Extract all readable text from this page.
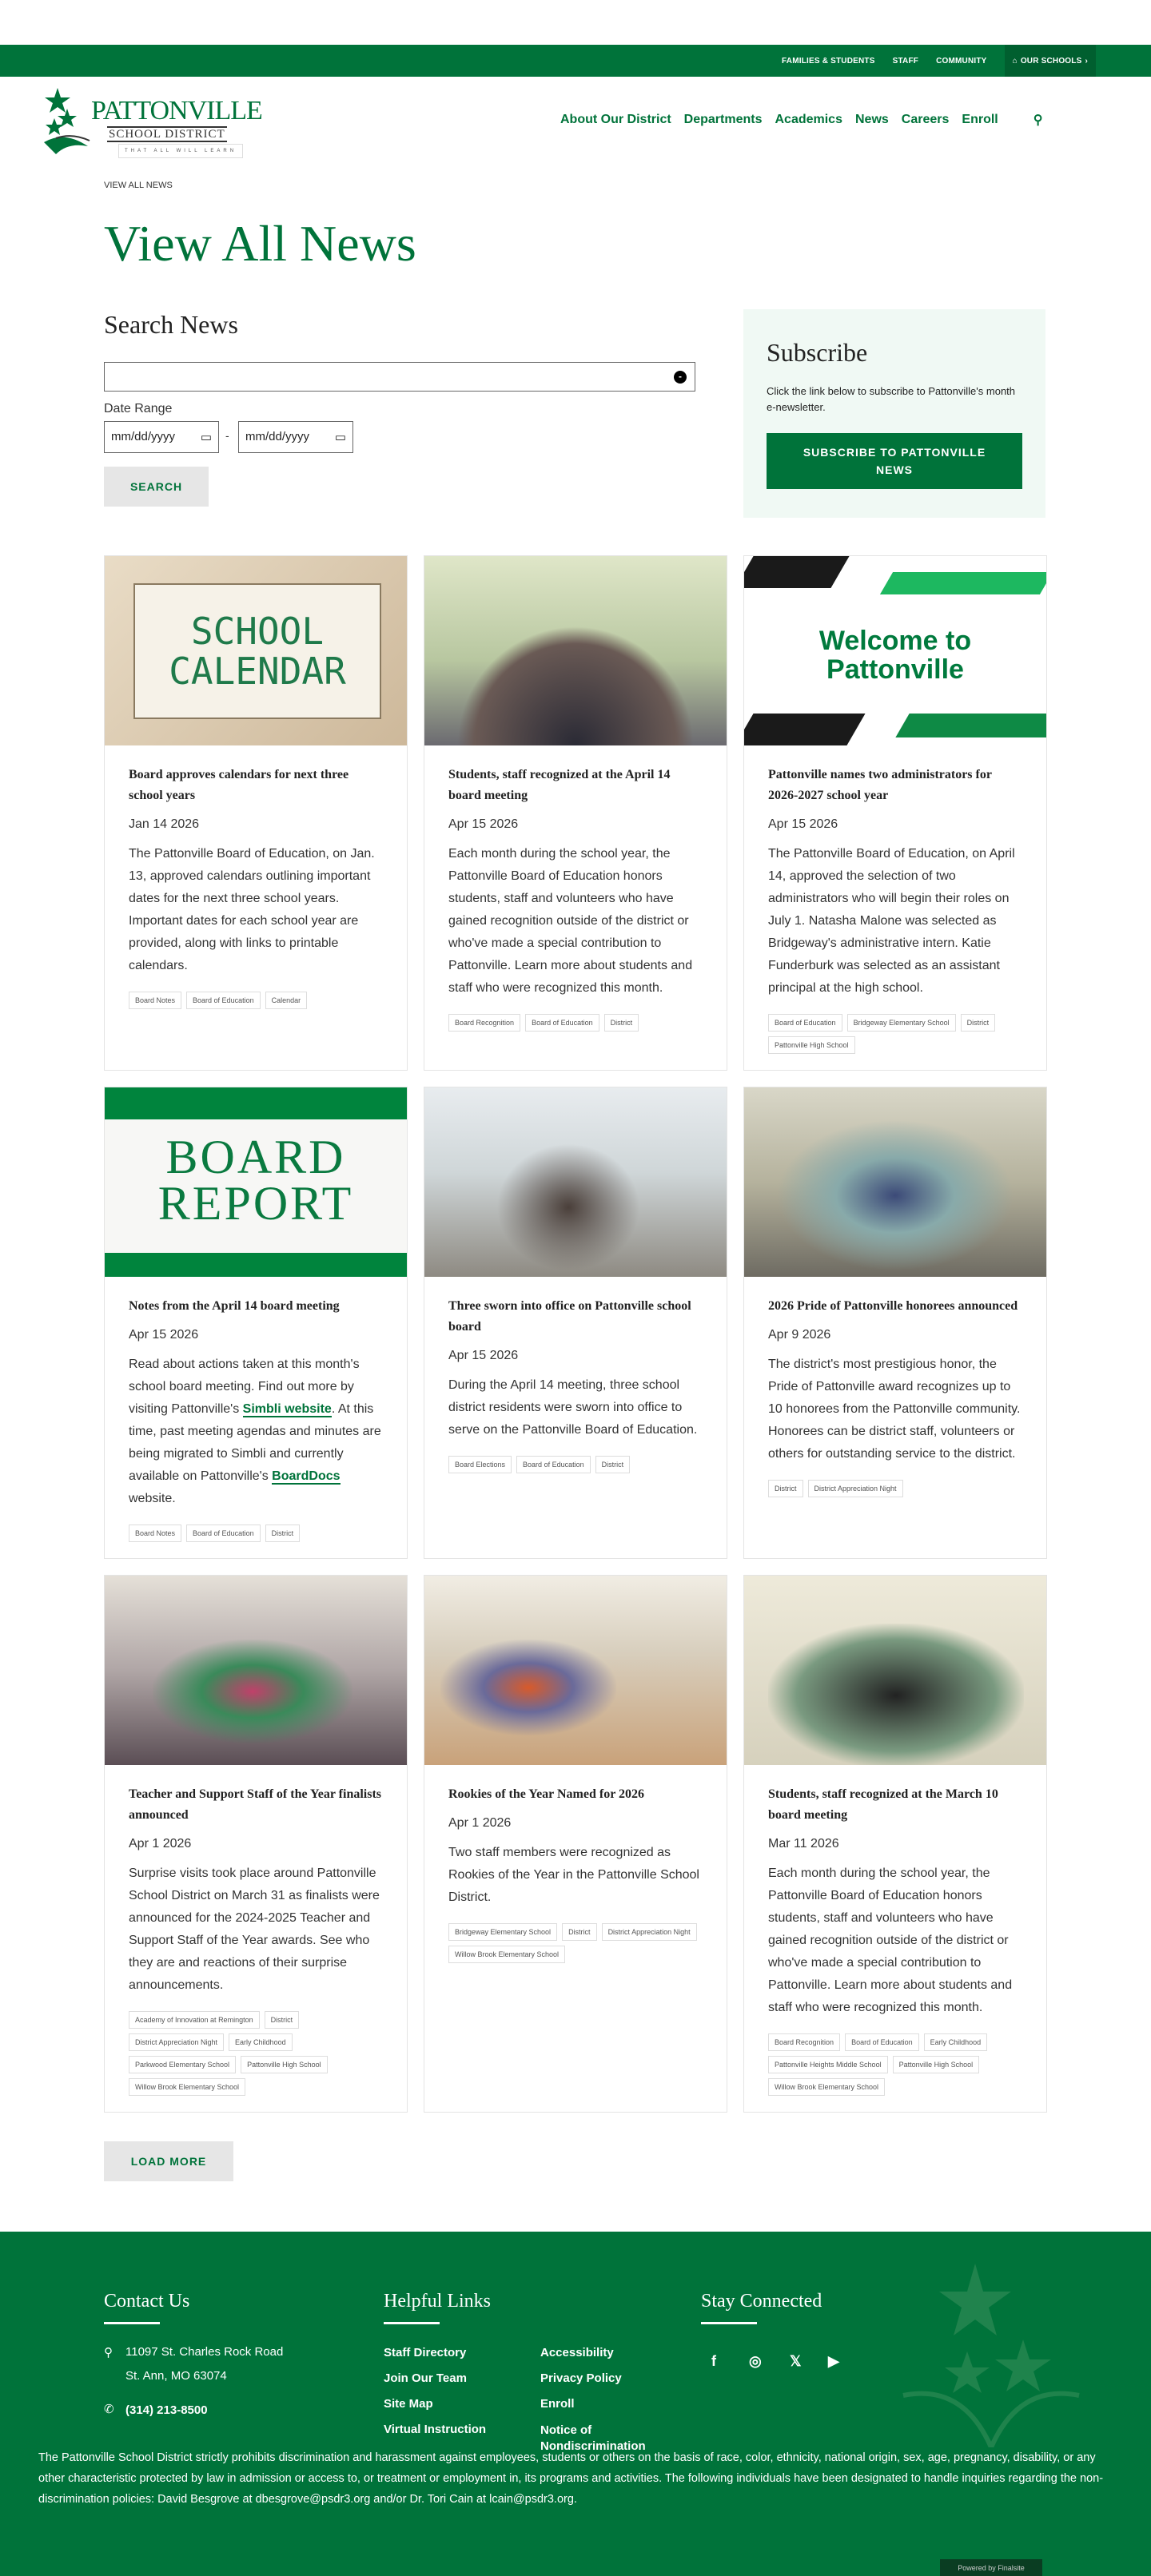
FAMILIES & STUDENTS STAFF COMMUNITY	⌂ OUR SCHOOLS ›
PATTONVILLE
SCHOOL DISTRICT
THAT ALL WILL LEARN
About Our District Departments Academics News Careers Enroll	⚲
VIEW ALL NEWS
View All News
Search News
-
Date Range
mm/dd/yyyy ▭ - mm/dd/yyyy ▭
SEARCH
Subscribe

Click the link below to subscribe to Pattonville's month e-newsletter.

SUBSCRIBE TO PATTONVILLE NEWS
SCHOOL CALENDAR
Board approves calendars for next three school years
Jan 14 2026
The Pattonville Board of Education, on Jan. 13, approved calendars outlining important dates for the next three school years. Important dates for each school year are provided, along with links to printable calendars.
Board Notes	Board of Education	Calendar
Students, staff recognized at the April 14 board meeting
Apr 15 2026
Each month during the school year, the Pattonville Board of Education honors students, staff and volunteers who have gained recognition outside of the district or who've made a special contribution to Pattonville. Learn more about students and staff who were recognized this month.
Board Recognition	Board of Education	District
Welcome to Pattonville
Pattonville names two administrators for 2026-2027 school year
Apr 15 2026
The Pattonville Board of Education, on April 14, approved the selection of two administrators who will begin their roles on July 1. Natasha Malone was selected as Bridgeway's administrative intern. Katie Funderburk was selected as an assistant principal at the high school.
Board of Education	Bridgeway Elementary School	District
Pattonville High School
BOARD REPORT
Notes from the April 14 board meeting
Apr 15 2026
Read about actions taken at this month's school board meeting. Find out more by visiting Pattonville's Simbli website. At this time, past meeting agendas and minutes are being migrated to Simbli and currently available on Pattonville's BoardDocs website.
Board Notes	Board of Education	District
Three sworn into office on Pattonville school board
Apr 15 2026
During the April 14 meeting, three school district residents were sworn into office to serve on the Pattonville Board of Education.
Board Elections	Board of Education	District
2026 Pride of Pattonville honorees announced
Apr 9 2026
The district's most prestigious honor, the Pride of Pattonville award recognizes up to 10 honorees from the Pattonville community. Honorees can be district staff, volunteers or others for outstanding service to the district.
District	District Appreciation Night
Teacher and Support Staff of the Year finalists announced
Apr 1 2026
Surprise visits took place around Pattonville School District on March 31 as finalists were announced for the 2024-2025 Teacher and Support Staff of the Year awards. See who they are and reactions of their surprise announcements.
Academy of Innovation at Remington	District
District Appreciation Night	Early Childhood
Parkwood Elementary School	Pattonville High School
Willow Brook Elementary School
Rookies of the Year Named for 2026
Apr 1 2026
Two staff members were recognized as Rookies of the Year in the Pattonville School District.
Bridgeway Elementary School	District	District Appreciation Night
Willow Brook Elementary School
Students, staff recognized at the March 10 board meeting
Mar 11 2026
Each month during the school year, the Pattonville Board of Education honors students, staff and volunteers who have gained recognition outside of the district or who've made a special contribution to Pattonville. Learn more about students and staff who were recognized this month.
Board Recognition	Board of Education	Early Childhood
Pattonville Heights Middle School	Pattonville High School
Willow Brook Elementary School
LOAD MORE
Contact Us
⚲ 11097 St. Charles Rock Road
St. Ann, MO 63074
✆ (314) 213-8500
Helpful Links
Staff Directory
Join Our Team
Site Map
Virtual Instruction
Accessibility
Privacy Policy
Enroll
Notice of Nondiscrimination
Stay Connected
f ◎ 𝕏 ▶
The Pattonville School District strictly prohibits discrimination and harassment against employees, students or others on the basis of race, color, ethnicity, national origin, sex, age, pregnancy, disability, or any other characteristic protected by law in admission or access to, or treatment or employment in, its programs and activities. The following individuals have been designated to handle inquiries regarding the non-discrimination policies: David Besgrove at dbesgrove@psdr3.org and/or Dr. Tori Cain at lcain@psdr3.org.
Powered by Finalsite
